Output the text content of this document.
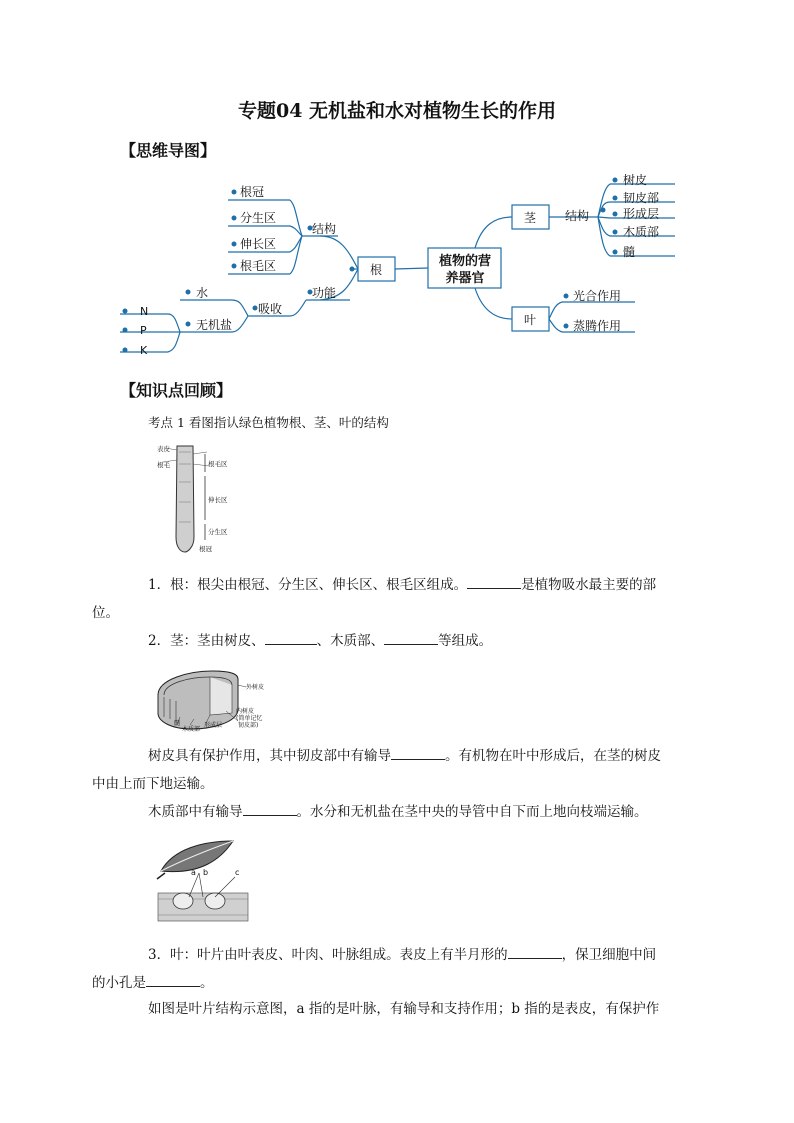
专题04 无机盐和水对植物生长的作用
【思维导图】
植物的营
养器官
根
茎
叶
结构
功能
根冠
分生区
伸长区
根毛区
吸收
水
无机盐
N
P
K
结构
树皮
韧皮部
形成层
木质部
髓
光合作用
蒸腾作用
【知识点回顾】
考点 1 看图指认绿色植物根、茎、叶的结构
表皮
根毛	根毛区
伸长区
分生区
根冠
1．根：根尖由根冠、分生区、伸长区、根毛区组成。	是植物吸水最主要的部
位。
2．茎：茎由树皮、	、木质部、	等组成。
外树皮
髓
木质部
形成层
内树皮
(简单记忆
韧皮部)
树皮具有保护作用，其中韧皮部中有输导	。有机物在叶中形成后，在茎的树皮
中由上而下地运输。
木质部中有输导	。水分和无机盐在茎中央的导管中自下而上地向枝端运输。
a b	c
3．叶：叶片由叶表皮、叶肉、叶脉组成。表皮上有半月形的	，保卫细胞中间
的小孔是	。
如图是叶片结构示意图，a 指的是叶脉，有输导和支持作用；b 指的是表皮，有保护作
